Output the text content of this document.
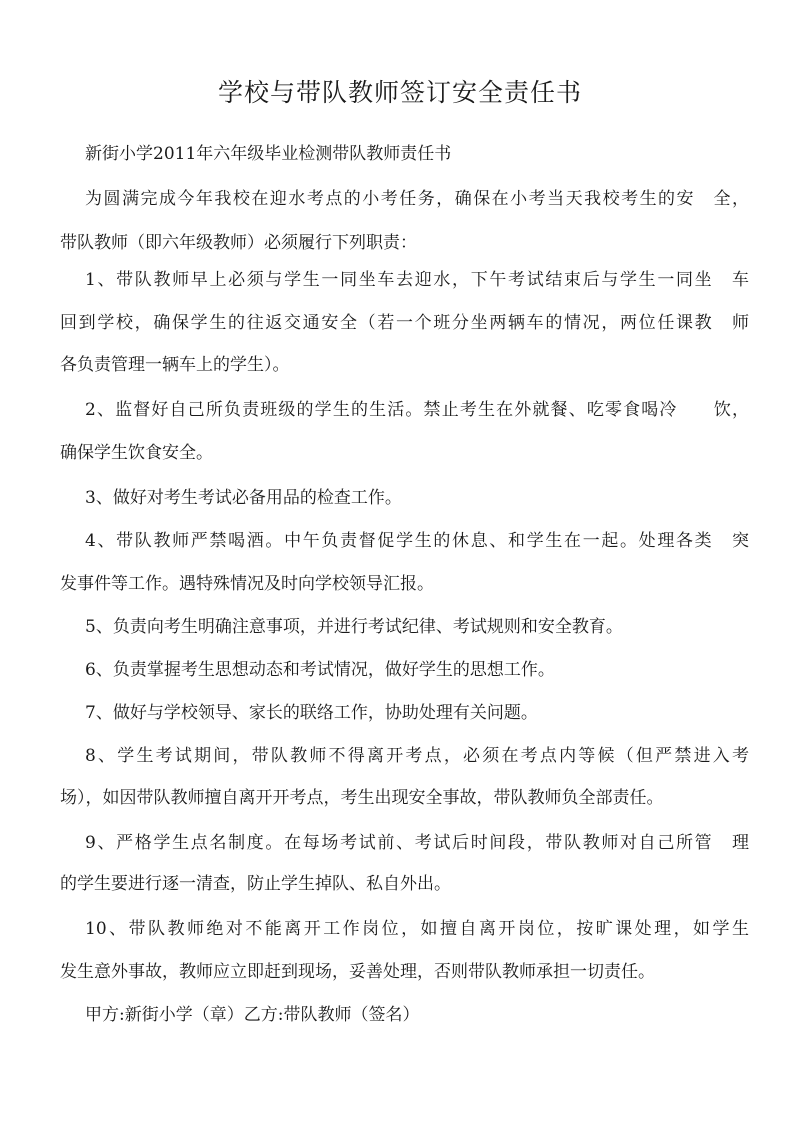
学校与带队教师签订安全责任书
新街小学2011年六年级毕业检测带队教师责任书
为圆满完成今年我校在迎水考点的小考任务，确保在小考当天我校考生的安　全，
带队教师（即六年级教师）必须履行下列职责：
1、带队教师早上必须与学生一同坐车去迎水，下午考试结束后与学生一同坐　车
回到学校，确保学生的往返交通安全（若一个班分坐两辆车的情况，两位任课教　师
各负责管理一辆车上的学生）。
2、监督好自己所负责班级的学生的生活。禁止考生在外就餐、吃零食喝冷　　饮，
确保学生饮食安全。
3、做好对考生考试必备用品的检查工作。
4、带队教师严禁喝酒。中午负责督促学生的休息、和学生在一起。处理各类　突
发事件等工作。遇特殊情况及时向学校领导汇报。
5、负责向考生明确注意事项，并进行考试纪律、考试规则和安全教育。
6、负责掌握考生思想动态和考试情况，做好学生的思想工作。
7、做好与学校领导、家长的联络工作，协助处理有关问题。
8、学生考试期间，带队教师不得离开考点，必须在考点内等候（但严禁进入考
场），如因带队教师擅自离开开考点，考生出现安全事故，带队教师负全部责任。
9、严格学生点名制度。在每场考试前、考试后时间段，带队教师对自己所管　理
的学生要进行逐一清查，防止学生掉队、私自外出。
10、带队教师绝对不能离开工作岗位，如擅自离开岗位，按旷课处理，如学生
发生意外事故，教师应立即赶到现场，妥善处理，否则带队教师承担一切责任。
甲方:新街小学（章）乙方:带队教师（签名）
